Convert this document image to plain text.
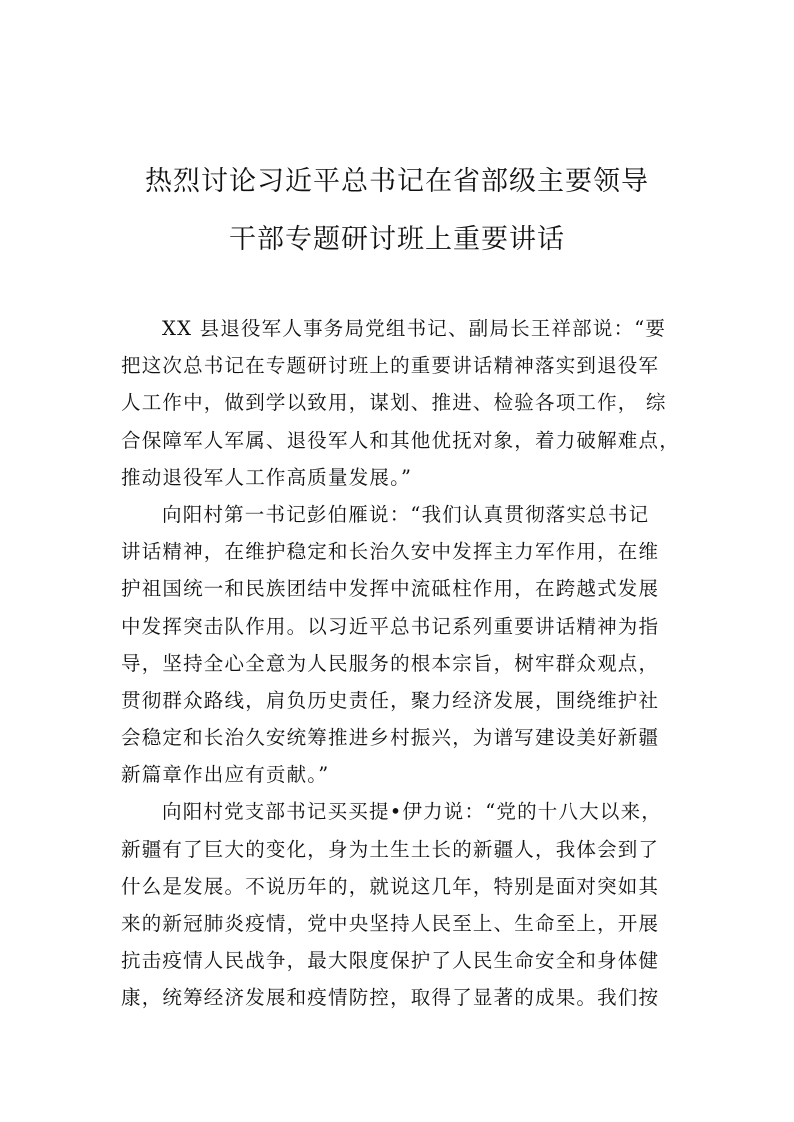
热烈讨论习近平总书记在省部级主要领导
干部专题研讨班上重要讲话
XX 县退役军人事务局党组书记、副局长王祥部说：“要
把这次总书记在专题研讨班上的重要讲话精神落实到退役军
人工作中，做到学以致用，谋划、推进、检验各项工作， 综
合保障军人军属、退役军人和其他优抚对象，着力破解难点，
推动退役军人工作高质量发展。”
向阳村第一书记彭伯雁说：“我们认真贯彻落实总书记
讲话精神，在维护稳定和长治久安中发挥主力军作用，在维
护祖国统一和民族团结中发挥中流砥柱作用，在跨越式发展
中发挥突击队作用。以习近平总书记系列重要讲话精神为指
导，坚持全心全意为人民服务的根本宗旨，树牢群众观点，
贯彻群众路线，肩负历史责任，聚力经济发展，围绕维护社
会稳定和长治久安统筹推进乡村振兴，为谱写建设美好新疆
新篇章作出应有贡献。”
向阳村党支部书记买买提•伊力说：“党的十八大以来，
新疆有了巨大的变化，身为土生土长的新疆人，我体会到了
什么是发展。不说历年的，就说这几年，特别是面对突如其
来的新冠肺炎疫情，党中央坚持人民至上、生命至上，开展
抗击疫情人民战争，最大限度保护了人民生命安全和身体健
康，统筹经济发展和疫情防控，取得了显著的成果。我们按
